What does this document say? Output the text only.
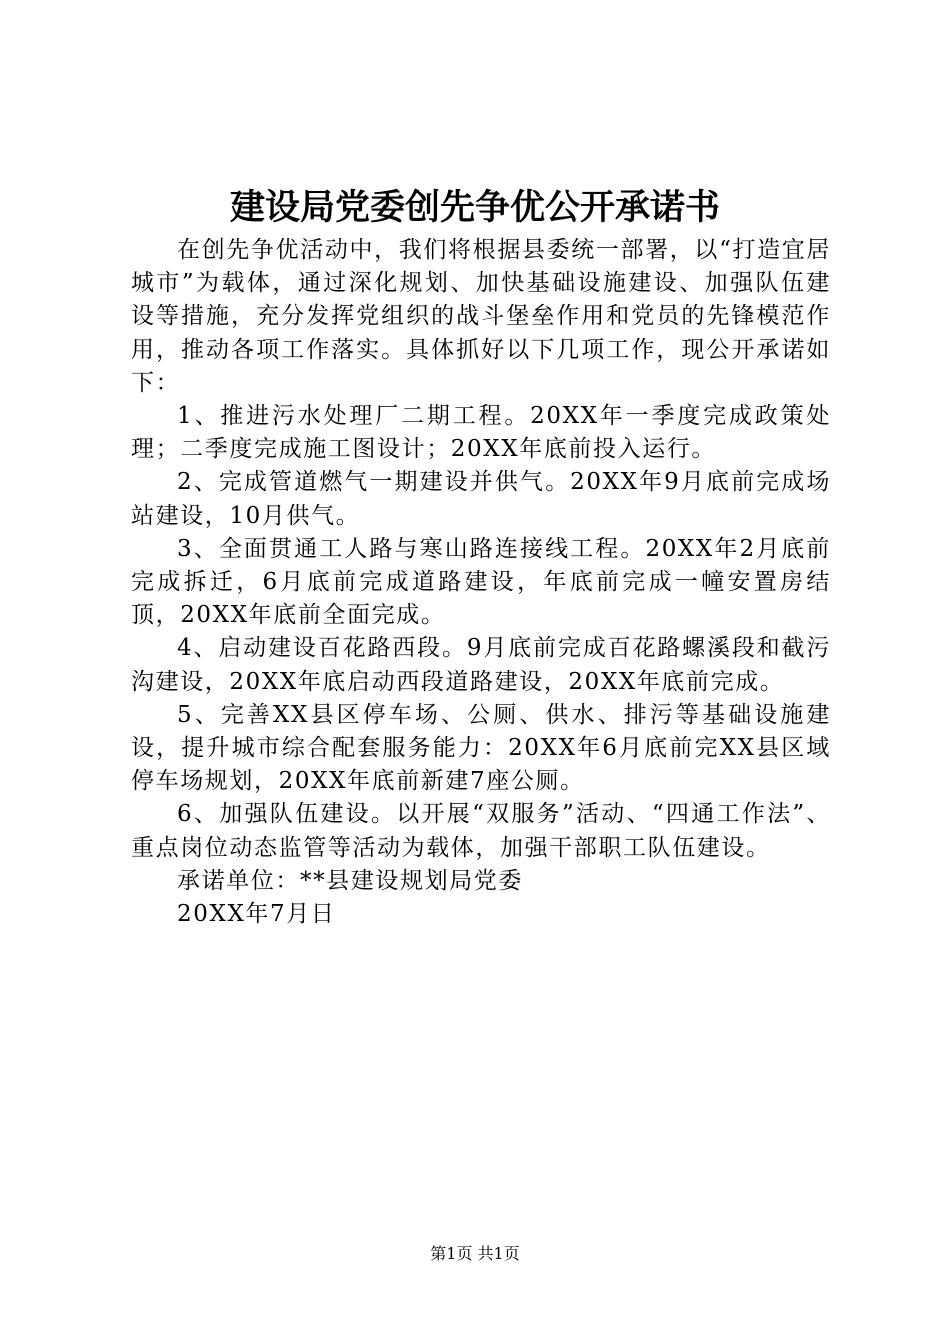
建设局党委创先争优公开承诺书

在创先争优活动中，我们将根据县委统一部署，以“打造宜居城市”为载体，通过深化规划、加快基础设施建设、加强队伍建设等措施，充分发挥党组织的战斗堡垒作用和党员的先锋模范作用，推动各项工作落实。具体抓好以下几项工作，现公开承诺如下：

1、推进污水处理厂二期工程。20XX年一季度完成政策处理；二季度完成施工图设计；20XX年底前投入运行。

2、完成管道燃气一期建设并供气。20XX年9月底前完成场站建设，10月供气。

3、全面贯通工人路与寒山路连接线工程。20XX年2月底前完成拆迁，6月底前完成道路建设，年底前完成一幢安置房结顶，20XX年底前全面完成。

4、启动建设百花路西段。9月底前完成百花路螺溪段和截污沟建设，20XX年底启动西段道路建设，20XX年底前完成。

5、完善XX县区停车场、公厕、供水、排污等基础设施建设，提升城市综合配套服务能力：20XX年6月底前完XX县区域停车场规划，20XX年底前新建7座公厕。

6、加强队伍建设。以开展“双服务”活动、“四通工作法”、重点岗位动态监管等活动为载体，加强干部职工队伍建设。

承诺单位：**县建设规划局党委

20XX年7月日

第1页 共1页
